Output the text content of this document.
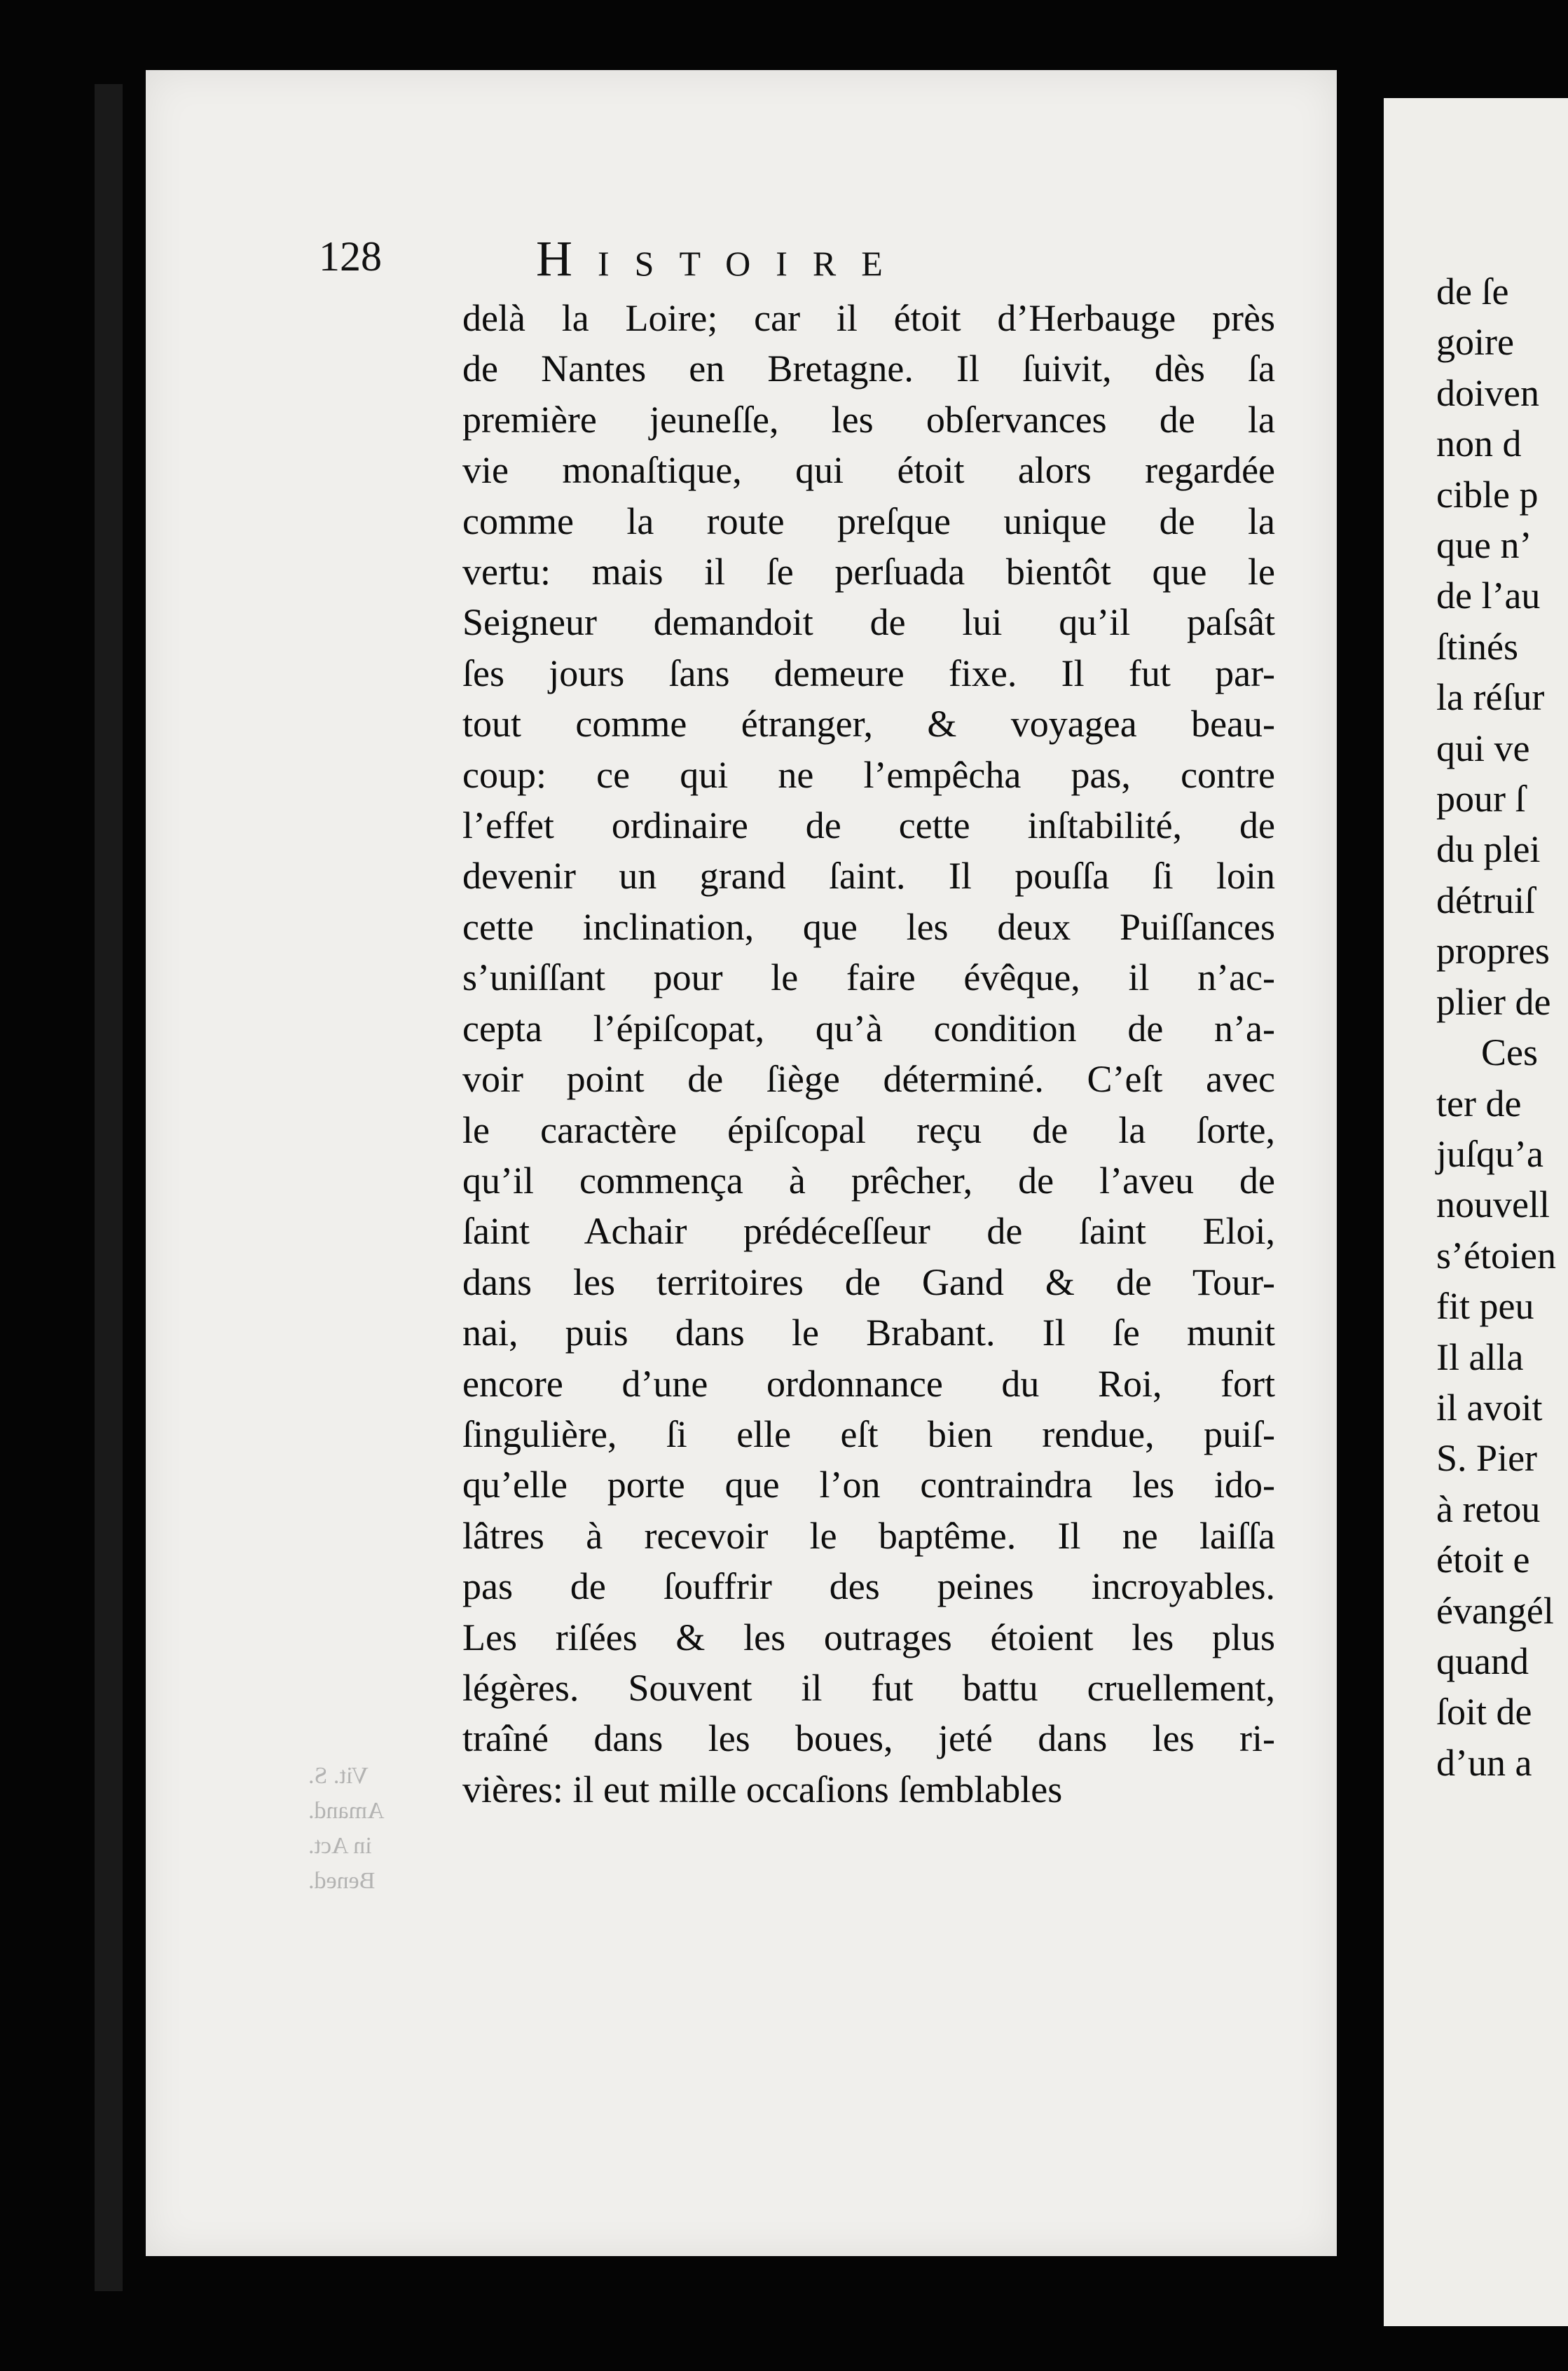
128	Histoire
Vit. S.
Amand.
in Act.
Bened.
delà la Loire; car il étoit d’Herbauge près
de Nantes en Bretagne. Il ſuivit, dès ſa
première jeuneſſe, les obſervances de la
vie monaſtique, qui étoit alors regardée
comme la route preſque unique de la
vertu: mais il ſe perſuada bientôt que le
Seigneur demandoit de lui qu’il paſsât
ſes jours ſans demeure fixe. Il fut par-
tout comme étranger, & voyagea beau-
coup: ce qui ne l’empêcha pas, contre
l’effet ordinaire de cette inſtabilité, de
devenir un grand ſaint. Il pouſſa ſi loin
cette inclination, que les deux Puiſſances
s’uniſſant pour le faire évêque, il n’ac-
cepta l’épiſcopat, qu’à condition de n’a-
voir point de ſiège déterminé. C’eſt avec
le caractère épiſcopal reçu de la ſorte,
qu’il commença à prêcher, de l’aveu de
ſaint Achair prédéceſſeur de ſaint Eloi,
dans les territoires de Gand & de Tour-
nai, puis dans le Brabant. Il ſe munit
encore d’une ordonnance du Roi, fort
ſingulière, ſi elle eſt bien rendue, puiſ-
qu’elle porte que l’on contraindra les ido-
lâtres à recevoir le baptême. Il ne laiſſa
pas de ſouffrir des peines incroyables.
Les riſées & les outrages étoient les plus
légères. Souvent il fut battu cruellement,
traîné dans les boues, jeté dans les ri-
vières: il eut mille occaſions ſemblables
de ſe
goire
doiven
non d
cible p
que n’
de l’au
ſtinés
la réſur
qui ve
pour ſ
du plei
détruiſ
propres
plier de
Ces
ter de
juſqu’a
nouvell
s’étoien
fit peu
Il alla
il avoit
S. Pier
à retou
étoit e
évangél
quand
ſoit de
d’un a
